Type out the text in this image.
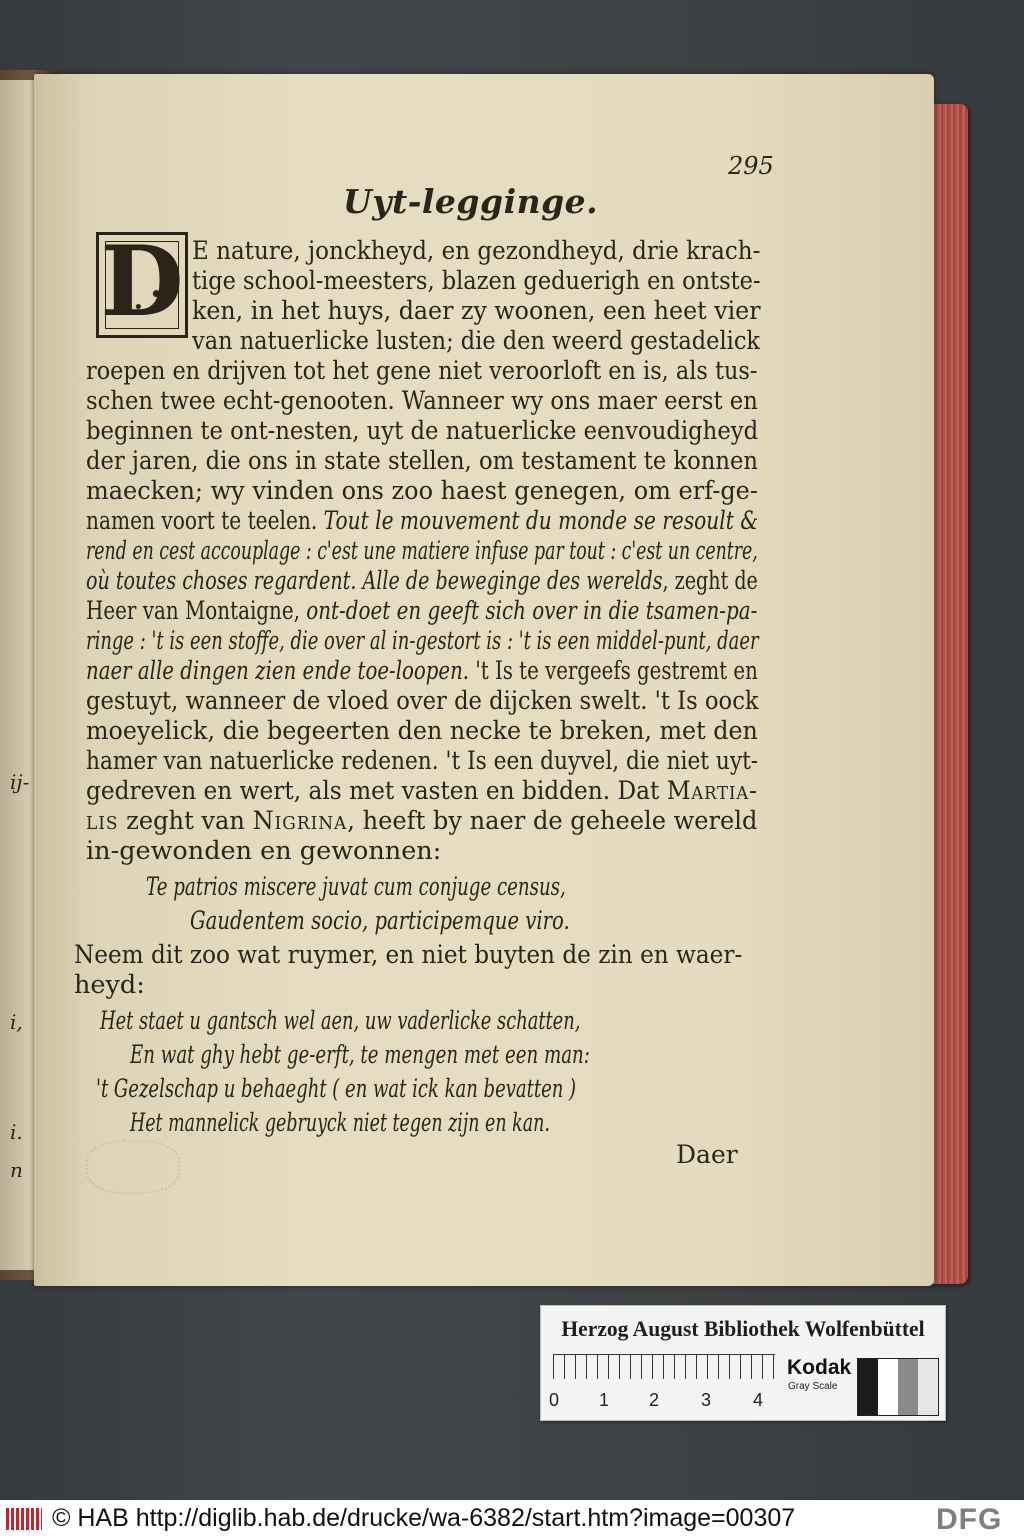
ij-
i,
i.
n
295
Uyt-legginge.
D E nature, jonckheyd, en gezondheyd, drie krach-
tige school-meesters, blazen geduerigh en ontste-
ken, in het huys, daer zy woonen, een heet vier
van natuerlicke lusten; die den weerd gestadelick
roepen en drijven tot het gene niet veroorloft en is, als tus-
schen twee echt-genooten. Wanneer wy ons maer eerst en
beginnen te ont-nesten, uyt de natuerlicke eenvoudigheyd
der jaren, die ons in state stellen, om testament te konnen
maecken; wy vinden ons zoo haest genegen, om erf-ge-
namen voort te teelen. Tout le mouvement du monde se resoult &
rend en cest accouplage : c'est une matiere infuse par tout : c'est un centre,
où toutes choses regardent. Alle de beweginge des werelds, zeght de
Heer van Montaigne, ont-doet en geeft sich over in die tsamen-pa-
ringe : 't is een stoffe, die over al in-gestort is : 't is een middel-punt, daer
naer alle dingen zien ende toe-loopen. 't Is te vergeefs gestremt en
gestuyt, wanneer de vloed over de dijcken swelt. 't Is oock
moeyelick, die begeerten den necke te breken, met den
hamer van natuerlicke redenen. 't Is een duyvel, die niet uyt-
gedreven en wert, als met vasten en bidden. Dat Martia-
lis zeght van Nigrina, heeft by naer de geheele wereld
in-gewonden en gewonnen:
Te patrios miscere juvat cum conjuge census,
Gaudentem socio, participemque viro.
Neem dit zoo wat ruymer, en niet buyten de zin en waer-
heyd:
Het staet u gantsch wel aen, uw vaderlicke schatten,
En wat ghy hebt ge-erft, te mengen met een man:
't Gezelschap u behaeght ( en wat ick kan bevatten )
Het mannelick gebruyck niet tegen zijn en kan.
Daer
Herzog August Bibliothek Wolfenbüttel
0 1 2 3 4
Kodak
Gray Scale
© HAB http://diglib.hab.de/drucke/wa-6382/start.htm?image=00307	DFG
